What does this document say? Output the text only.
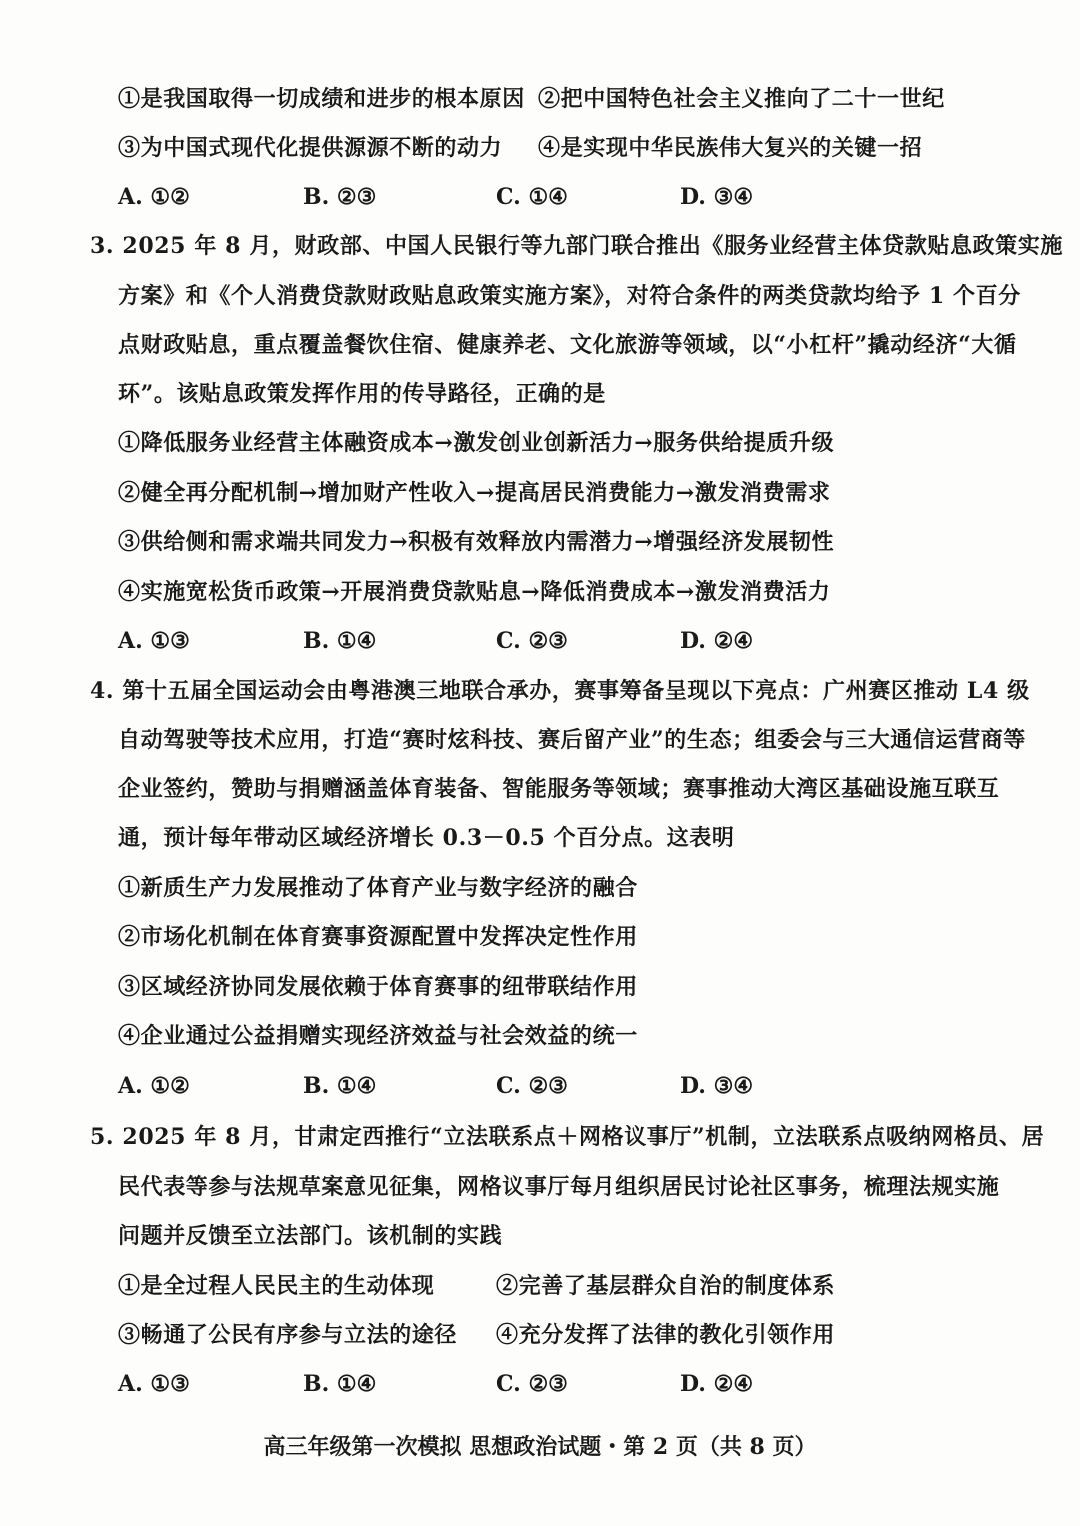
①是我国取得一切成绩和进步的根本原因 ②把中国特色社会主义推向了二十一世纪
③为中国式现代化提供源源不断的动力 ④是实现中华民族伟大复兴的关键一招
A. ①②	B. ②③	C. ①④	D. ③④
3. 2025 年 8 月，财政部、中国人民银行等九部门联合推出《服务业经营主体贷款贴息政策实施
方案》和《个人消费贷款财政贴息政策实施方案》，对符合条件的两类贷款均给予 1 个百分
点财政贴息，重点覆盖餐饮住宿、健康养老、文化旅游等领域，以“小杠杆”撬动经济“大循
环”。该贴息政策发挥作用的传导路径，正确的是
①降低服务业经营主体融资成本→激发创业创新活力→服务供给提质升级
②健全再分配机制→增加财产性收入→提高居民消费能力→激发消费需求
③供给侧和需求端共同发力→积极有效释放内需潜力→增强经济发展韧性
④实施宽松货币政策→开展消费贷款贴息→降低消费成本→激发消费活力
A. ①③	B. ①④	C. ②③	D. ②④
4. 第十五届全国运动会由粤港澳三地联合承办，赛事筹备呈现以下亮点：广州赛区推动 L4 级
自动驾驶等技术应用，打造“赛时炫科技、赛后留产业”的生态；组委会与三大通信运营商等
企业签约，赞助与捐赠涵盖体育装备、智能服务等领域；赛事推动大湾区基础设施互联互
通，预计每年带动区域经济增长 0.3－0.5 个百分点。这表明
①新质生产力发展推动了体育产业与数字经济的融合
②市场化机制在体育赛事资源配置中发挥决定性作用
③区域经济协同发展依赖于体育赛事的纽带联结作用
④企业通过公益捐赠实现经济效益与社会效益的统一
A. ①②	B. ①④	C. ②③	D. ③④
5. 2025 年 8 月，甘肃定西推行“立法联系点＋网格议事厅”机制，立法联系点吸纳网格员、居
民代表等参与法规草案意见征集，网格议事厅每月组织居民讨论社区事务，梳理法规实施
问题并反馈至立法部门。该机制的实践
①是全过程人民民主的生动体现	②完善了基层群众自治的制度体系
③畅通了公民有序参与立法的途径 ④充分发挥了法律的教化引领作用
A. ①③	B. ①④	C. ②③	D. ②④
高三年级第一次模拟 思想政治试题・第 2 页（共 8 页）
